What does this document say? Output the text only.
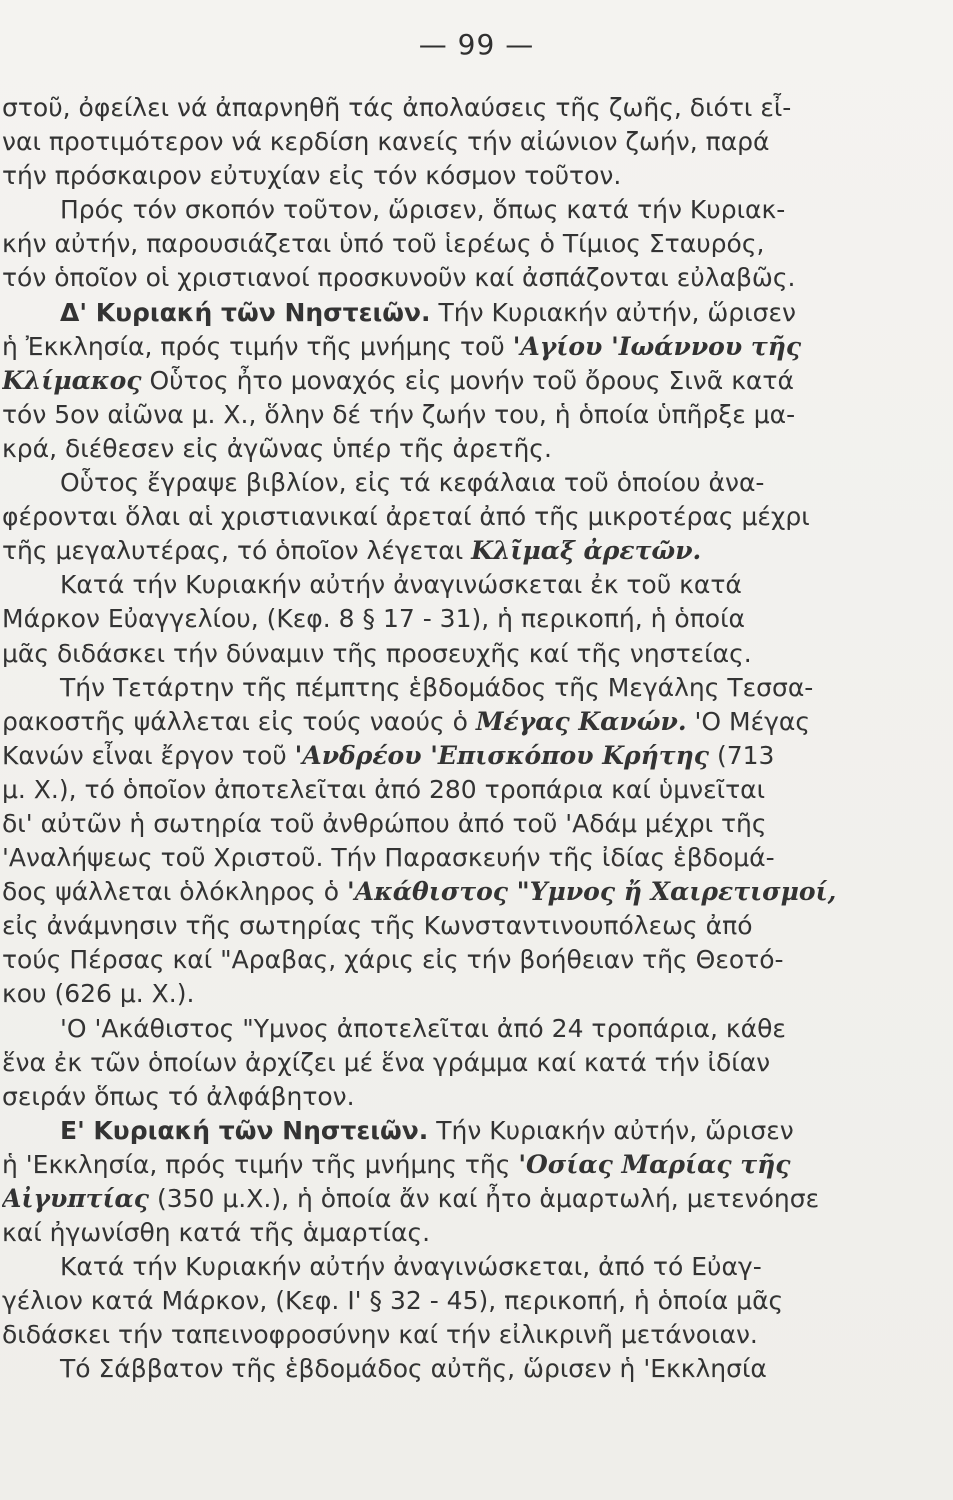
— 99 —
στοῦ, ὀφείλει νά ἀπαρνηθῆ τάς ἀπολαύσεις τῆς ζωῆς, διότι εἶ-
ναι προτιμότερον νά κερδίση κανείς τήν αἰώνιον ζωήν, παρά
τήν πρόσκαιρον εὐτυχίαν εἰς τόν κόσμον τοῦτον.
Πρός τόν σκοπόν τοῦτον, ὥρισεν, ὅπως κατά τήν Κυριακ-
κήν αὐτήν, παρουσιάζεται ὑπό τοῦ ἱερέως ὁ Τίμιος Σταυρός,
τόν ὁποῖον οἱ χριστιανοί προσκυνοῦν καί ἀσπάζονται εὐλαβῶς.
Δ' Κυριακή τῶν Νηστειῶν. Τήν Κυριακήν αὐτήν, ὥρισεν
ἡ Ἐκκλησία, πρός τιμήν τῆς μνήμης τοῦ 'Αγίου 'Ιωάννου τῆς
Κλίμακος Οὗτος ἦτο μοναχός εἰς μονήν τοῦ ὄρους Σινᾶ κατά
τόν 5ον αἰῶνα μ. Χ., ὅλην δέ τήν ζωήν του, ἡ ὁποία ὑπῆρξε μα-
κρά, διέθεσεν εἰς ἀγῶνας ὑπέρ τῆς ἀρετῆς.
Οὗτος ἔγραψε βιβλίον, εἰς τά κεφάλαια τοῦ ὁποίου ἀνα-
φέρονται ὅλαι αἱ χριστιανικαί ἀρεταί ἀπό τῆς μικροτέρας μέχρι
τῆς μεγαλυτέρας, τό ὁποῖον λέγεται Κλῖμαξ ἀρετῶν.
Κατά τήν Κυριακήν αὐτήν ἀναγινώσκεται ἐκ τοῦ κατά
Μάρκον Εὐαγγελίου, (Κεφ. 8 § 17 - 31), ἡ περικοπή, ἡ ὁποία
μᾶς διδάσκει τήν δύναμιν τῆς προσευχῆς καί τῆς νηστείας.
Τήν Τετάρτην τῆς πέμπτης ἑβδομάδος τῆς Μεγάλης Τεσσα-
ρακοστῆς ψάλλεται εἰς τούς ναούς ὁ Μέγας Κανών. 'Ο Μέγας
Κανών εἶναι ἔργον τοῦ 'Ανδρέου 'Επισκόπου Κρήτης (713
μ. Χ.), τό ὁποῖον ἀποτελεῖται ἀπό 280 τροπάρια καί ὑμνεῖται
δι' αὐτῶν ἡ σωτηρία τοῦ ἀνθρώπου ἀπό τοῦ 'Αδάμ μέχρι τῆς
'Αναλήψεως τοῦ Χριστοῦ. Τήν Παρασκευήν τῆς ἰδίας ἑβδομά-
δος ψάλλεται ὁλόκληρος ὁ 'Ακάθιστος "Υμνος ἤ Χαιρετισμοί,
εἰς ἀνάμνησιν τῆς σωτηρίας τῆς Κωνσταντινουπόλεως ἀπό
τούς Πέρσας καί "Αραβας, χάρις εἰς τήν βοήθειαν τῆς Θεοτό-
κου (626 μ. Χ.).
'Ο 'Ακάθιστος "Υμνος ἀποτελεῖται ἀπό 24 τροπάρια, κάθε
ἕνα ἐκ τῶν ὁποίων ἀρχίζει μέ ἕνα γράμμα καί κατά τήν ἰδίαν
σειράν ὅπως τό ἀλφάβητον.
Ε' Κυριακή τῶν Νηστειῶν. Τήν Κυριακήν αὐτήν, ὥρισεν
ἡ 'Εκκλησία, πρός τιμήν τῆς μνήμης τῆς 'Οσίας Μαρίας τῆς
Αἰγυπτίας (350 μ.Χ.), ἡ ὁποία ἄν καί ἦτο ἁμαρτωλή, μετενόησε
καί ἠγωνίσθη κατά τῆς ἁμαρτίας.
Κατά τήν Κυριακήν αὐτήν ἀναγινώσκεται, ἀπό τό Εὐαγ-
γέλιον κατά Μάρκον, (Κεφ. Ι' § 32 - 45), περικοπή, ἡ ὁποία μᾶς
διδάσκει τήν ταπεινοφροσύνην καί τήν εἰλικρινῆ μετάνοιαν.
Τό Σάββατον τῆς ἑβδομάδος αὐτῆς, ὥρισεν ἡ 'Εκκλησία
